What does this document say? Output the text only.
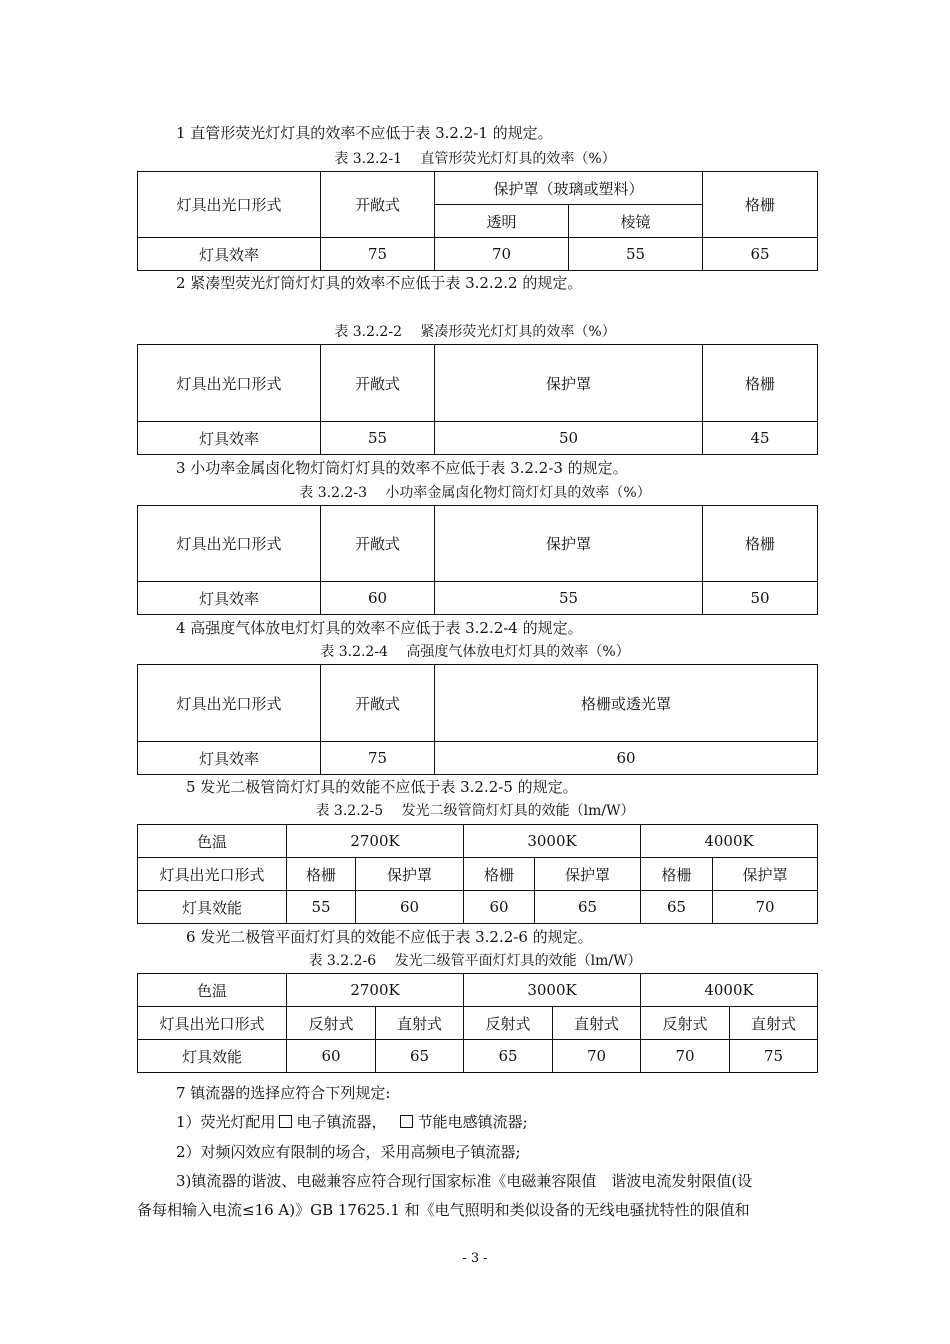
1 直管形荧光灯灯具的效率不应低于表 3.2.2-1 的规定。
表 3.2.2-1　 直管形荧光灯灯具的效率（%）
灯具出光口形式	开敞式	保护罩（玻璃或塑料）		格栅
		透明	棱镜	
灯具效率	75	70	55	65
2 紧凑型荧光灯筒灯灯具的效率不应低于表 3.2.2.2 的规定。
表 3.2.2-2　 紧凑形荧光灯灯具的效率（%）
灯具出光口形式	开敞式	保护罩	格栅
灯具效率	55	50	45
3 小功率金属卤化物灯筒灯灯具的效率不应低于表 3.2.2-3 的规定。
表 3.2.2-3　 小功率金属卤化物灯筒灯灯具的效率（%）
灯具出光口形式	开敞式	保护罩	格栅
灯具效率	60	55	50
4 高强度气体放电灯灯具的效率不应低于表 3.2.2-4 的规定。
表 3.2.2-4　 高强度气体放电灯灯具的效率（%）
灯具出光口形式	开敞式	格栅或透光罩
灯具效率	75	60
5 发光二极管筒灯灯具的效能不应低于表 3.2.2-5 的规定。
表 3.2.2-5　 发光二级管筒灯灯具的效能（lm/W）
色温	2700K		3000K		4000K	
灯具出光口形式	格栅	保护罩	格栅	保护罩	格栅	保护罩
灯具效能	55	60	60	65	65	70
6 发光二极管平面灯灯具的效能不应低于表 3.2.2-6 的规定。
表 3.2.2-6　 发光二级管平面灯灯具的效能（lm/W）
色温	2700K		3000K		4000K	
灯具出光口形式	反射式	直射式	反射式	直射式	反射式	直射式
灯具效能	60	65	65	70	70	75
7 镇流器的选择应符合下列规定:
1）荧光灯配用 电子镇流器， 节能电感镇流器;
2）对频闪效应有限制的场合，采用高频电子镇流器;
3)镇流器的谐波、电磁兼容应符合现行国家标准《电磁兼容限值　谐波电流发射限值(设
备每相输入电流≤16 A)》GB 17625.1 和《电气照明和类似设备的无线电骚扰特性的限值和
- 3 -
